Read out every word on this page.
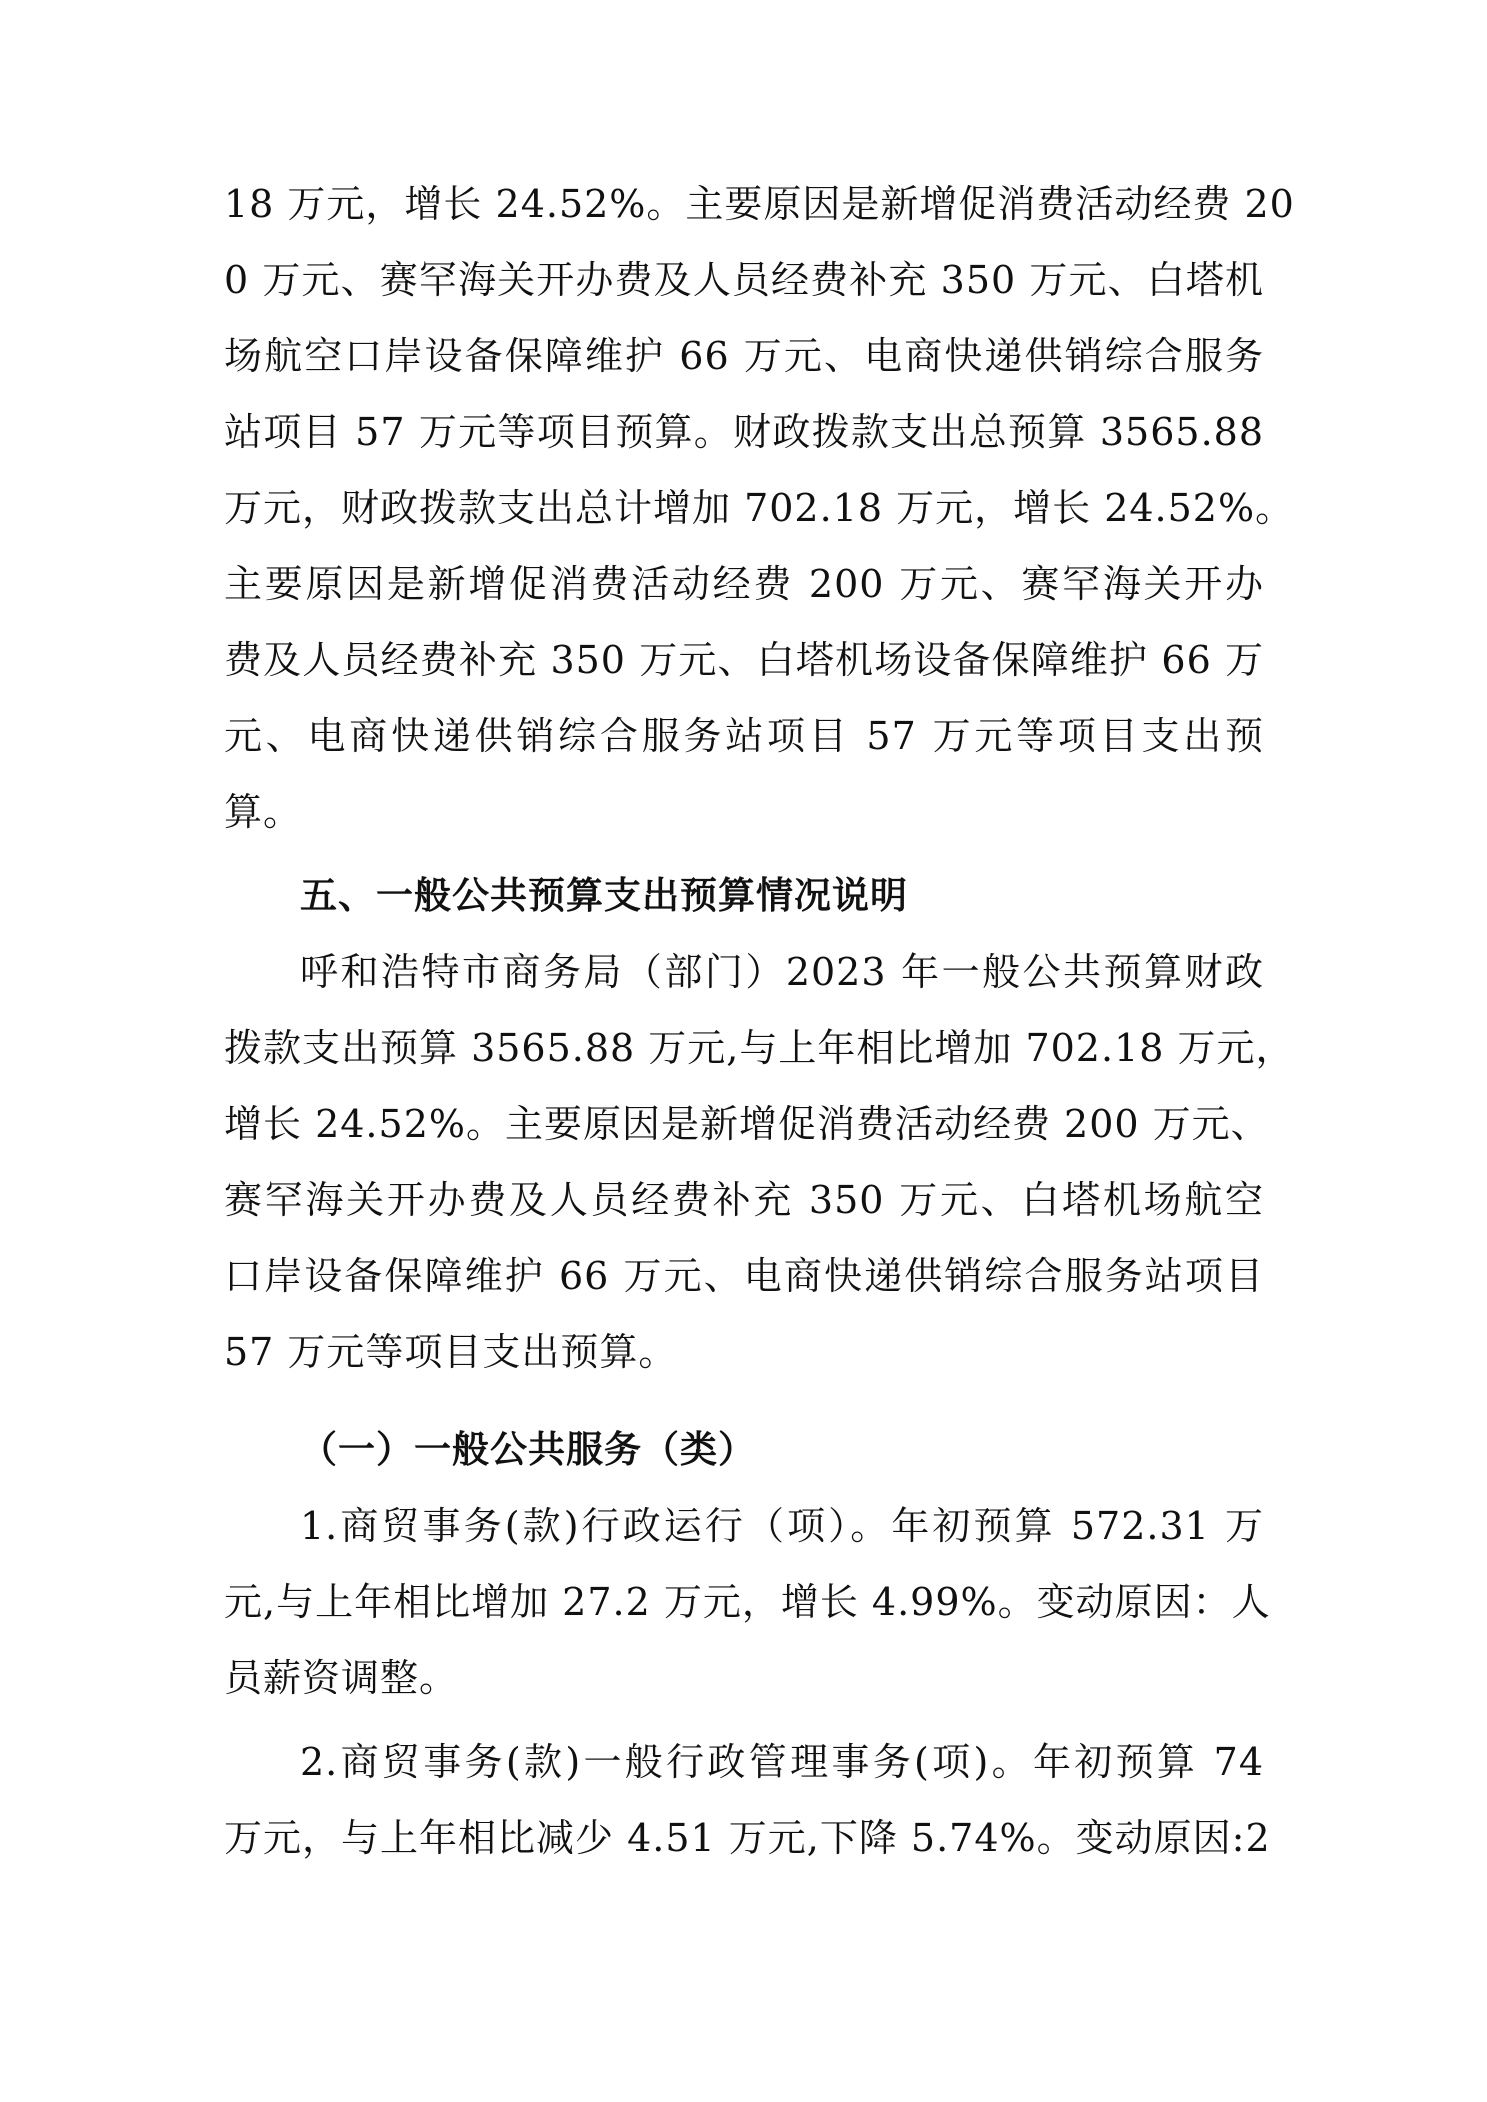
18 万元，增长 24.52%。主要原因是新增促消费活动经费 20
0 万元、赛罕海关开办费及人员经费补充 350 万元、白塔机
场航空口岸设备保障维护 66 万元、电商快递供销综合服务
站项目 57 万元等项目预算。财政拨款支出总预算 3565.88
万元，财政拨款支出总计增加 702.18 万元，增长 24.52%。
主要原因是新增促消费活动经费 200 万元、赛罕海关开办
费及人员经费补充 350 万元、白塔机场设备保障维护 66 万
元、电商快递供销综合服务站项目 57 万元等项目支出预
算。
五、一般公共预算支出预算情况说明
呼和浩特市商务局（部门）2023 年一般公共预算财政
拨款支出预算 3565.88 万元,与上年相比增加 702.18 万元，
增长 24.52%。主要原因是新增促消费活动经费 200 万元、
赛罕海关开办费及人员经费补充 350 万元、白塔机场航空
口岸设备保障维护 66 万元、电商快递供销综合服务站项目
57 万元等项目支出预算。
（一）一般公共服务（类）
1.商贸事务(款)行政运行（项）。年初预算 572.31 万
元,与上年相比增加 27.2 万元，增长 4.99%。变动原因：人
员薪资调整。
2.商贸事务(款)一般行政管理事务(项)。年初预算 74
万元，与上年相比减少 4.51 万元,下降 5.74%。变动原因:2
